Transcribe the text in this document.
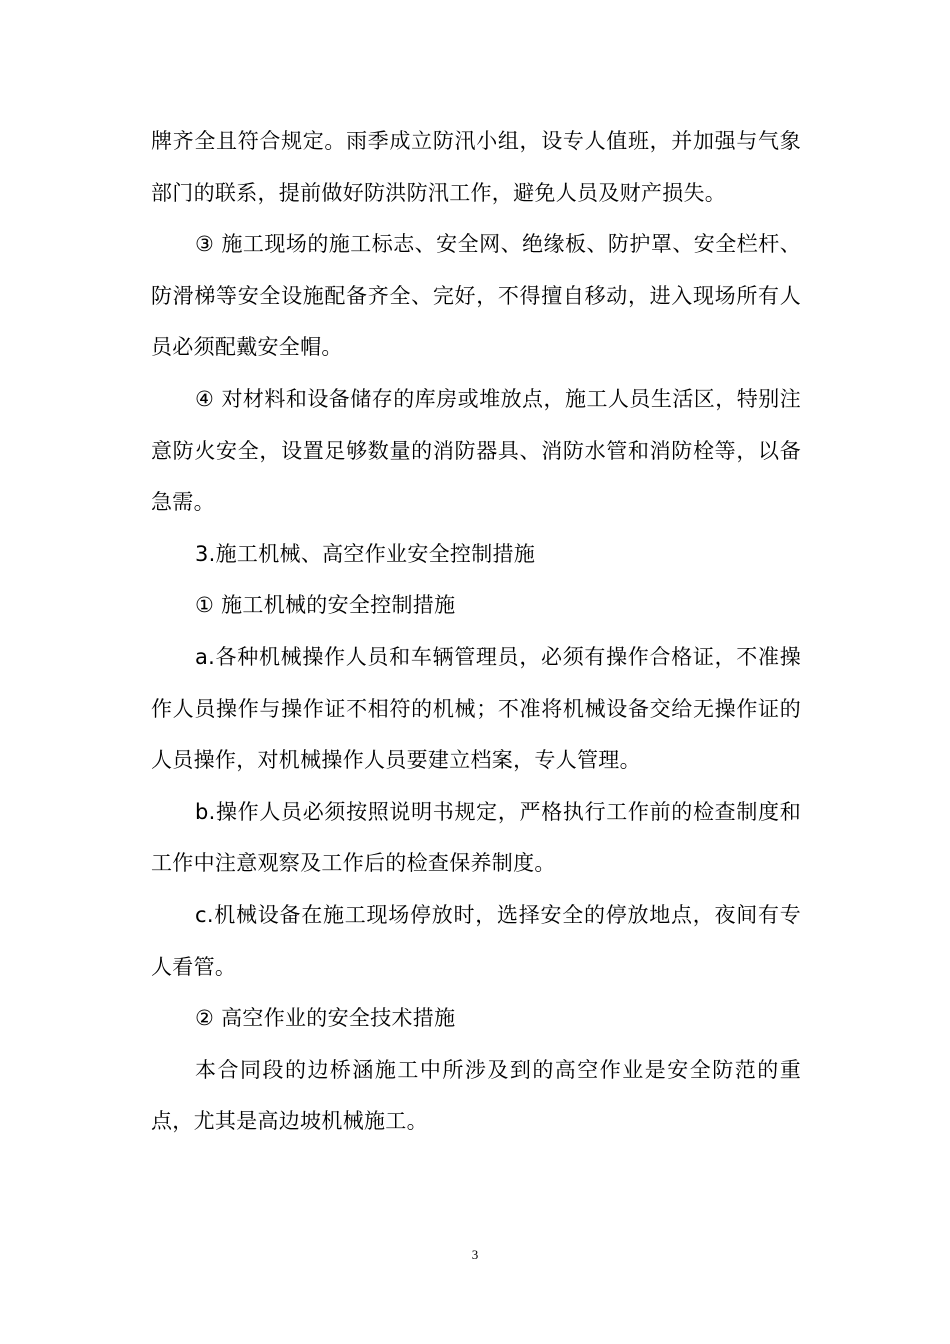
牌齐全且符合规定。雨季成立防汛小组，设专人值班，并加强与气象部门的联系，提前做好防洪防汛工作，避免人员及财产损失。

③ 施工现场的施工标志、安全网、绝缘板、防护罩、安全栏杆、防滑梯等安全设施配备齐全、完好，不得擅自移动，进入现场所有人员必须配戴安全帽。

④ 对材料和设备储存的库房或堆放点，施工人员生活区，特别注意防火安全，设置足够数量的消防器具、消防水管和消防栓等，以备急需。

3.施工机械、高空作业安全控制措施

① 施工机械的安全控制措施

a.各种机械操作人员和车辆管理员，必须有操作合格证，不准操作人员操作与操作证不相符的机械；不准将机械设备交给无操作证的人员操作，对机械操作人员要建立档案，专人管理。

b.操作人员必须按照说明书规定，严格执行工作前的检查制度和工作中注意观察及工作后的检查保养制度。

c.机械设备在施工现场停放时，选择安全的停放地点，夜间有专人看管。

② 高空作业的安全技术措施

本合同段的边桥涵施工中所涉及到的高空作业是安全防范的重点，尤其是高边坡机械施工。

3
